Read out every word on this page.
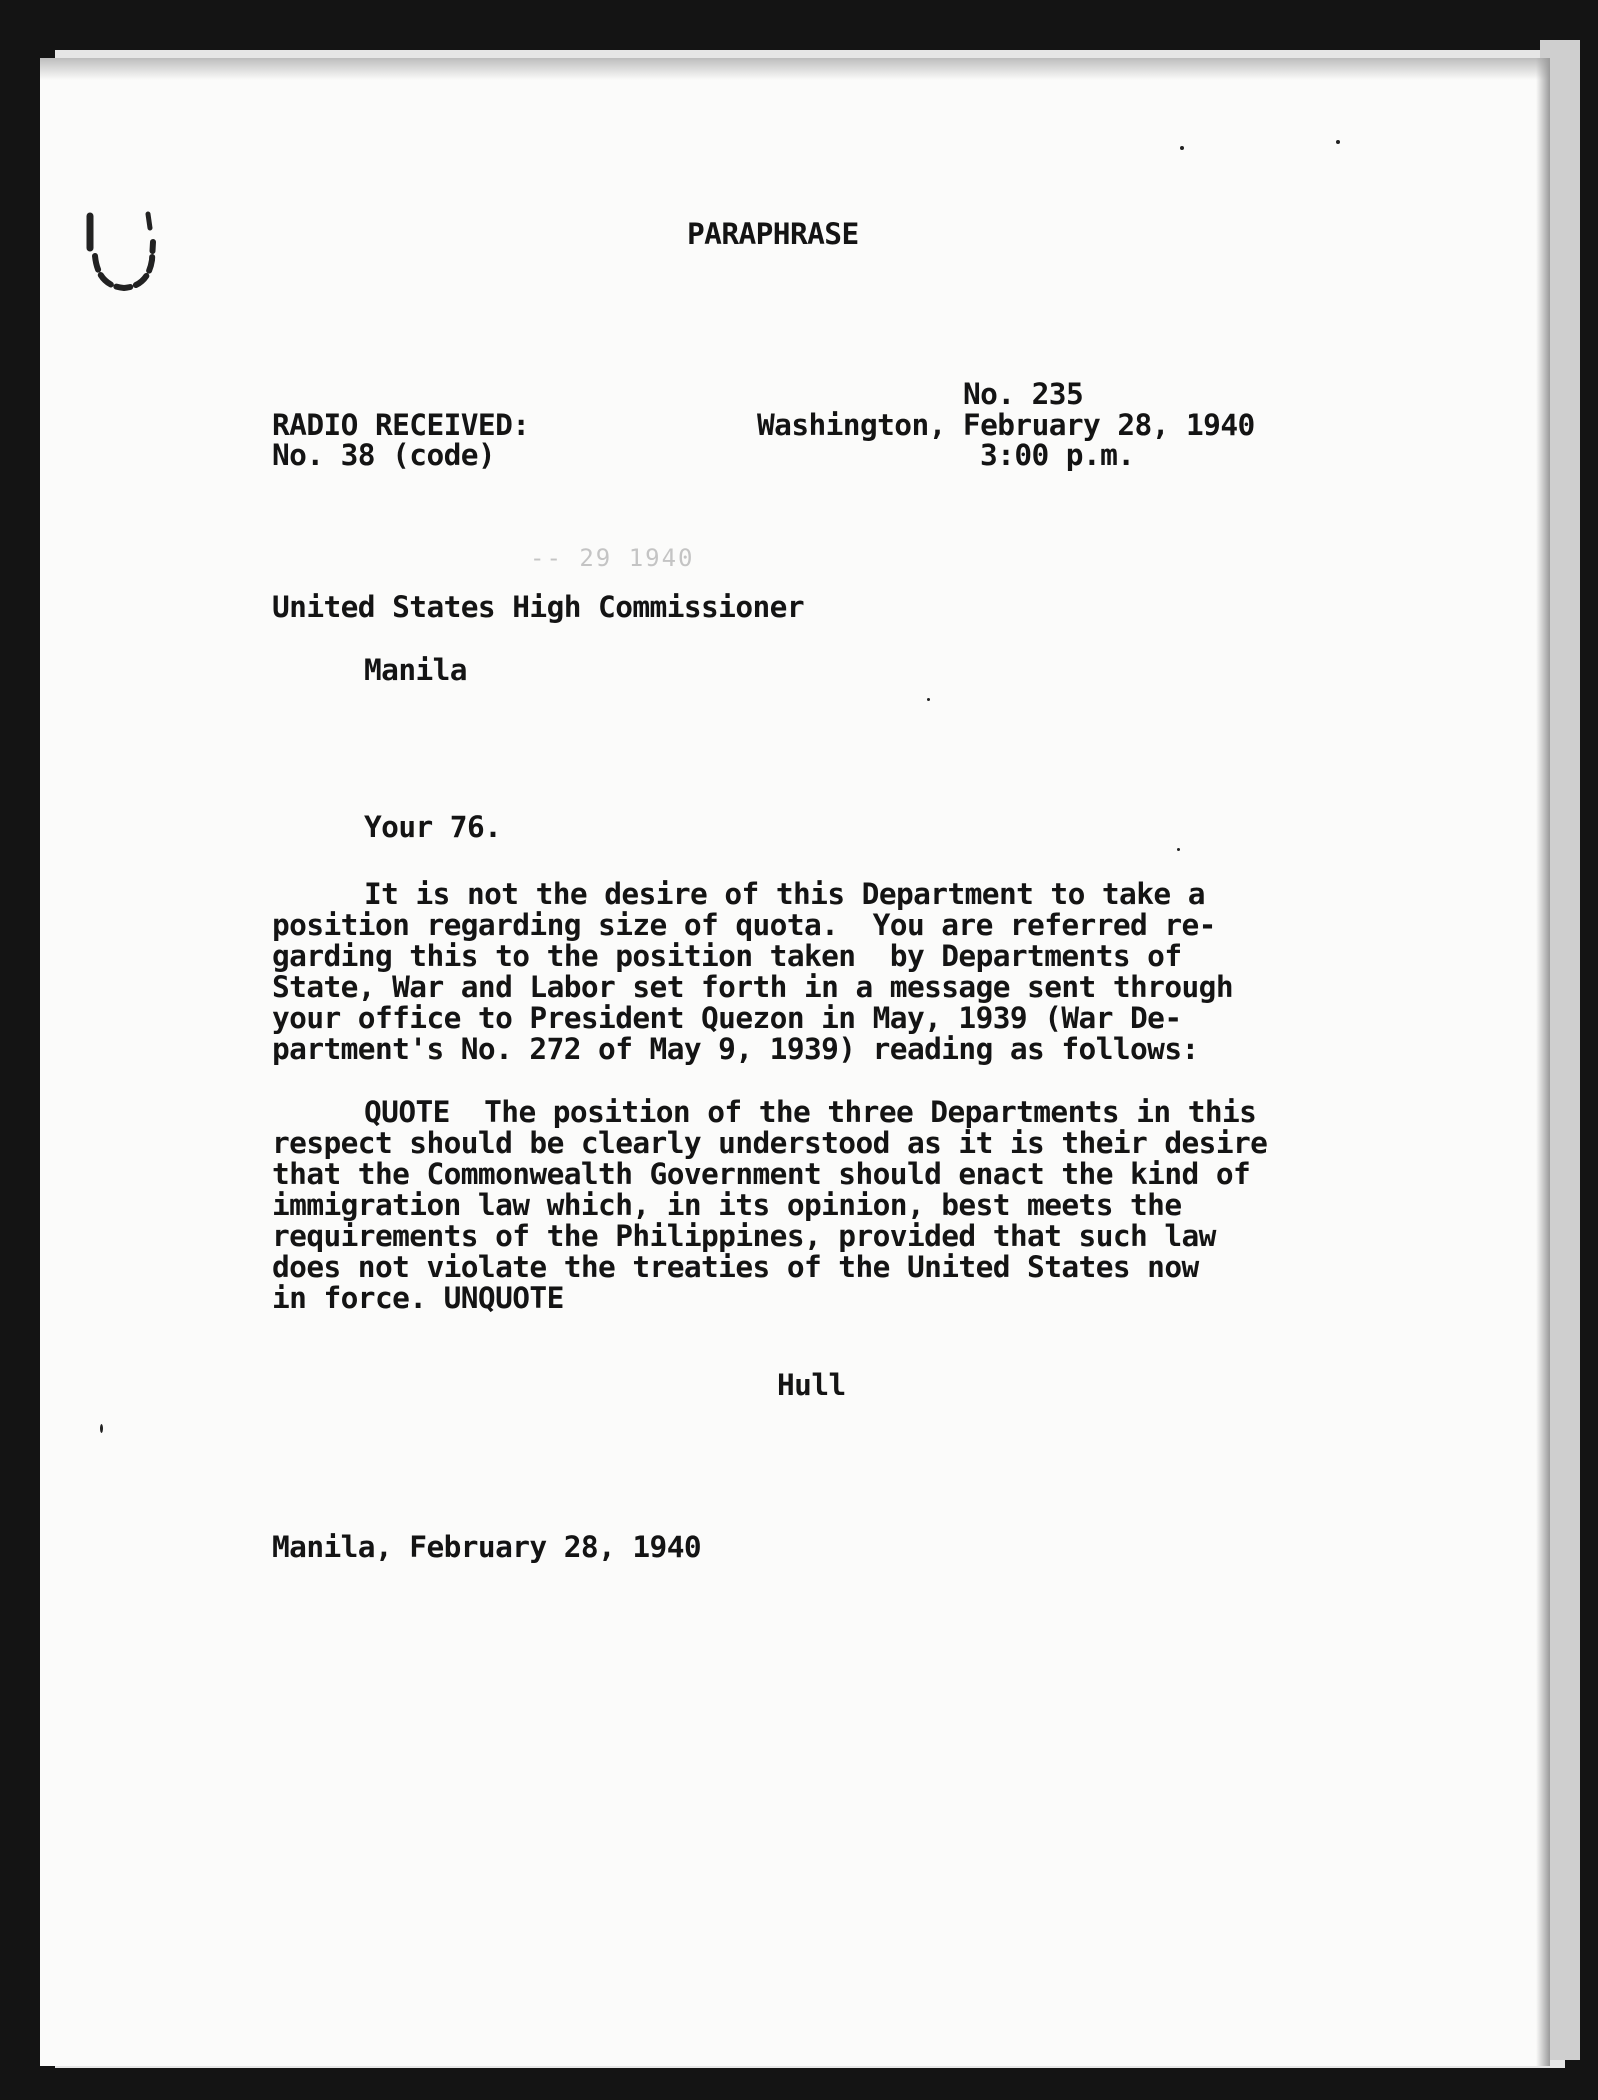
PARAPHRASE
No. 235
RADIO RECEIVED:	Washington, February 28, 1940
No. 38 (code)	3:00 p.m.
-- 29 1940
United States High Commissioner
Manila
Your 76.
It is not the desire of this Department to take a
position regarding size of quota.  You are referred re-
garding this to the position taken  by Departments of
State, War and Labor set forth in a message sent through
your office to President Quezon in May, 1939 (War De-
partment's No. 272 of May 9, 1939) reading as follows:
QUOTE  The position of the three Departments in this
respect should be clearly understood as it is their desire
that the Commonwealth Government should enact the kind of
immigration law which, in its opinion, best meets the
requirements of the Philippines, provided that such law
does not violate the treaties of the United States now
in force. UNQUOTE
Hull
Manila, February 28, 1940
